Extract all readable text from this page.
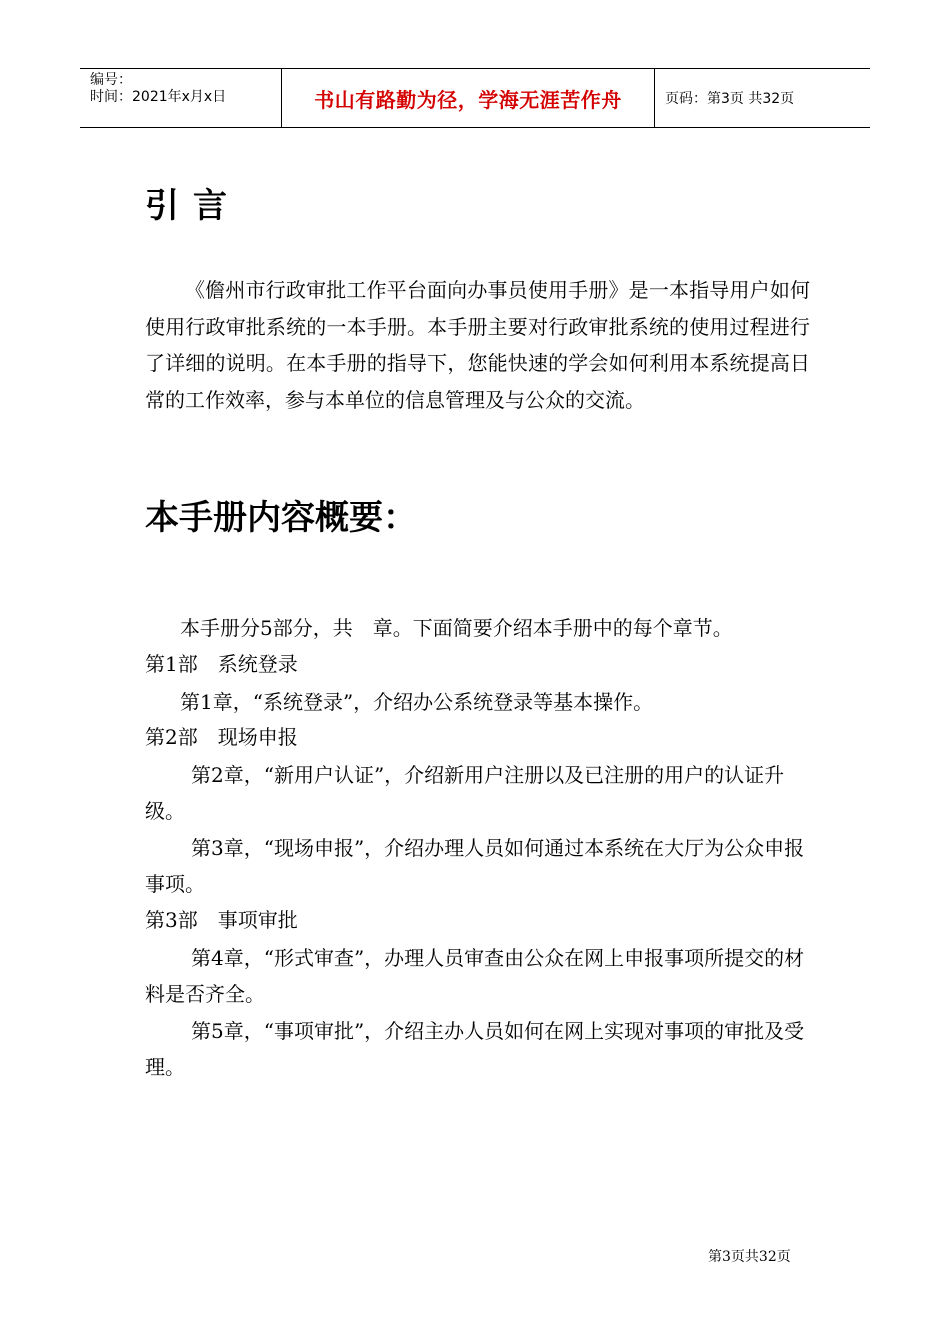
编号：
时间：2021年x月x日	书山有路勤为径，学海无涯苦作舟	页码：第3页 共32页
引言

《儋州市行政审批工作平台面向办事员使用手册》是一本指导用户如何使用行政审批系统的一本手册。本手册主要对行政审批系统的使用过程进行了详细的说明。在本手册的指导下，您能快速的学会如何利用本系统提高日常的工作效率，参与本单位的信息管理及与公众的交流。

本手册内容概要：

本手册分5部分，共　章。下面简要介绍本手册中的每个章节。

第1部　系统登录

第1章，“系统登录”，介绍办公系统登录等基本操作。

第2部　现场申报

第2章，“新用户认证”，介绍新用户注册以及已注册的用户的认证升级。

第3章，“现场申报”，介绍办理人员如何通过本系统在大厅为公众申报事项。

第3部　事项审批

第4章，“形式审查”，办理人员审查由公众在网上申报事项所提交的材料是否齐全。

第5章，“事项审批”，介绍主办人员如何在网上实现对事项的审批及受理。

第3页共32页
